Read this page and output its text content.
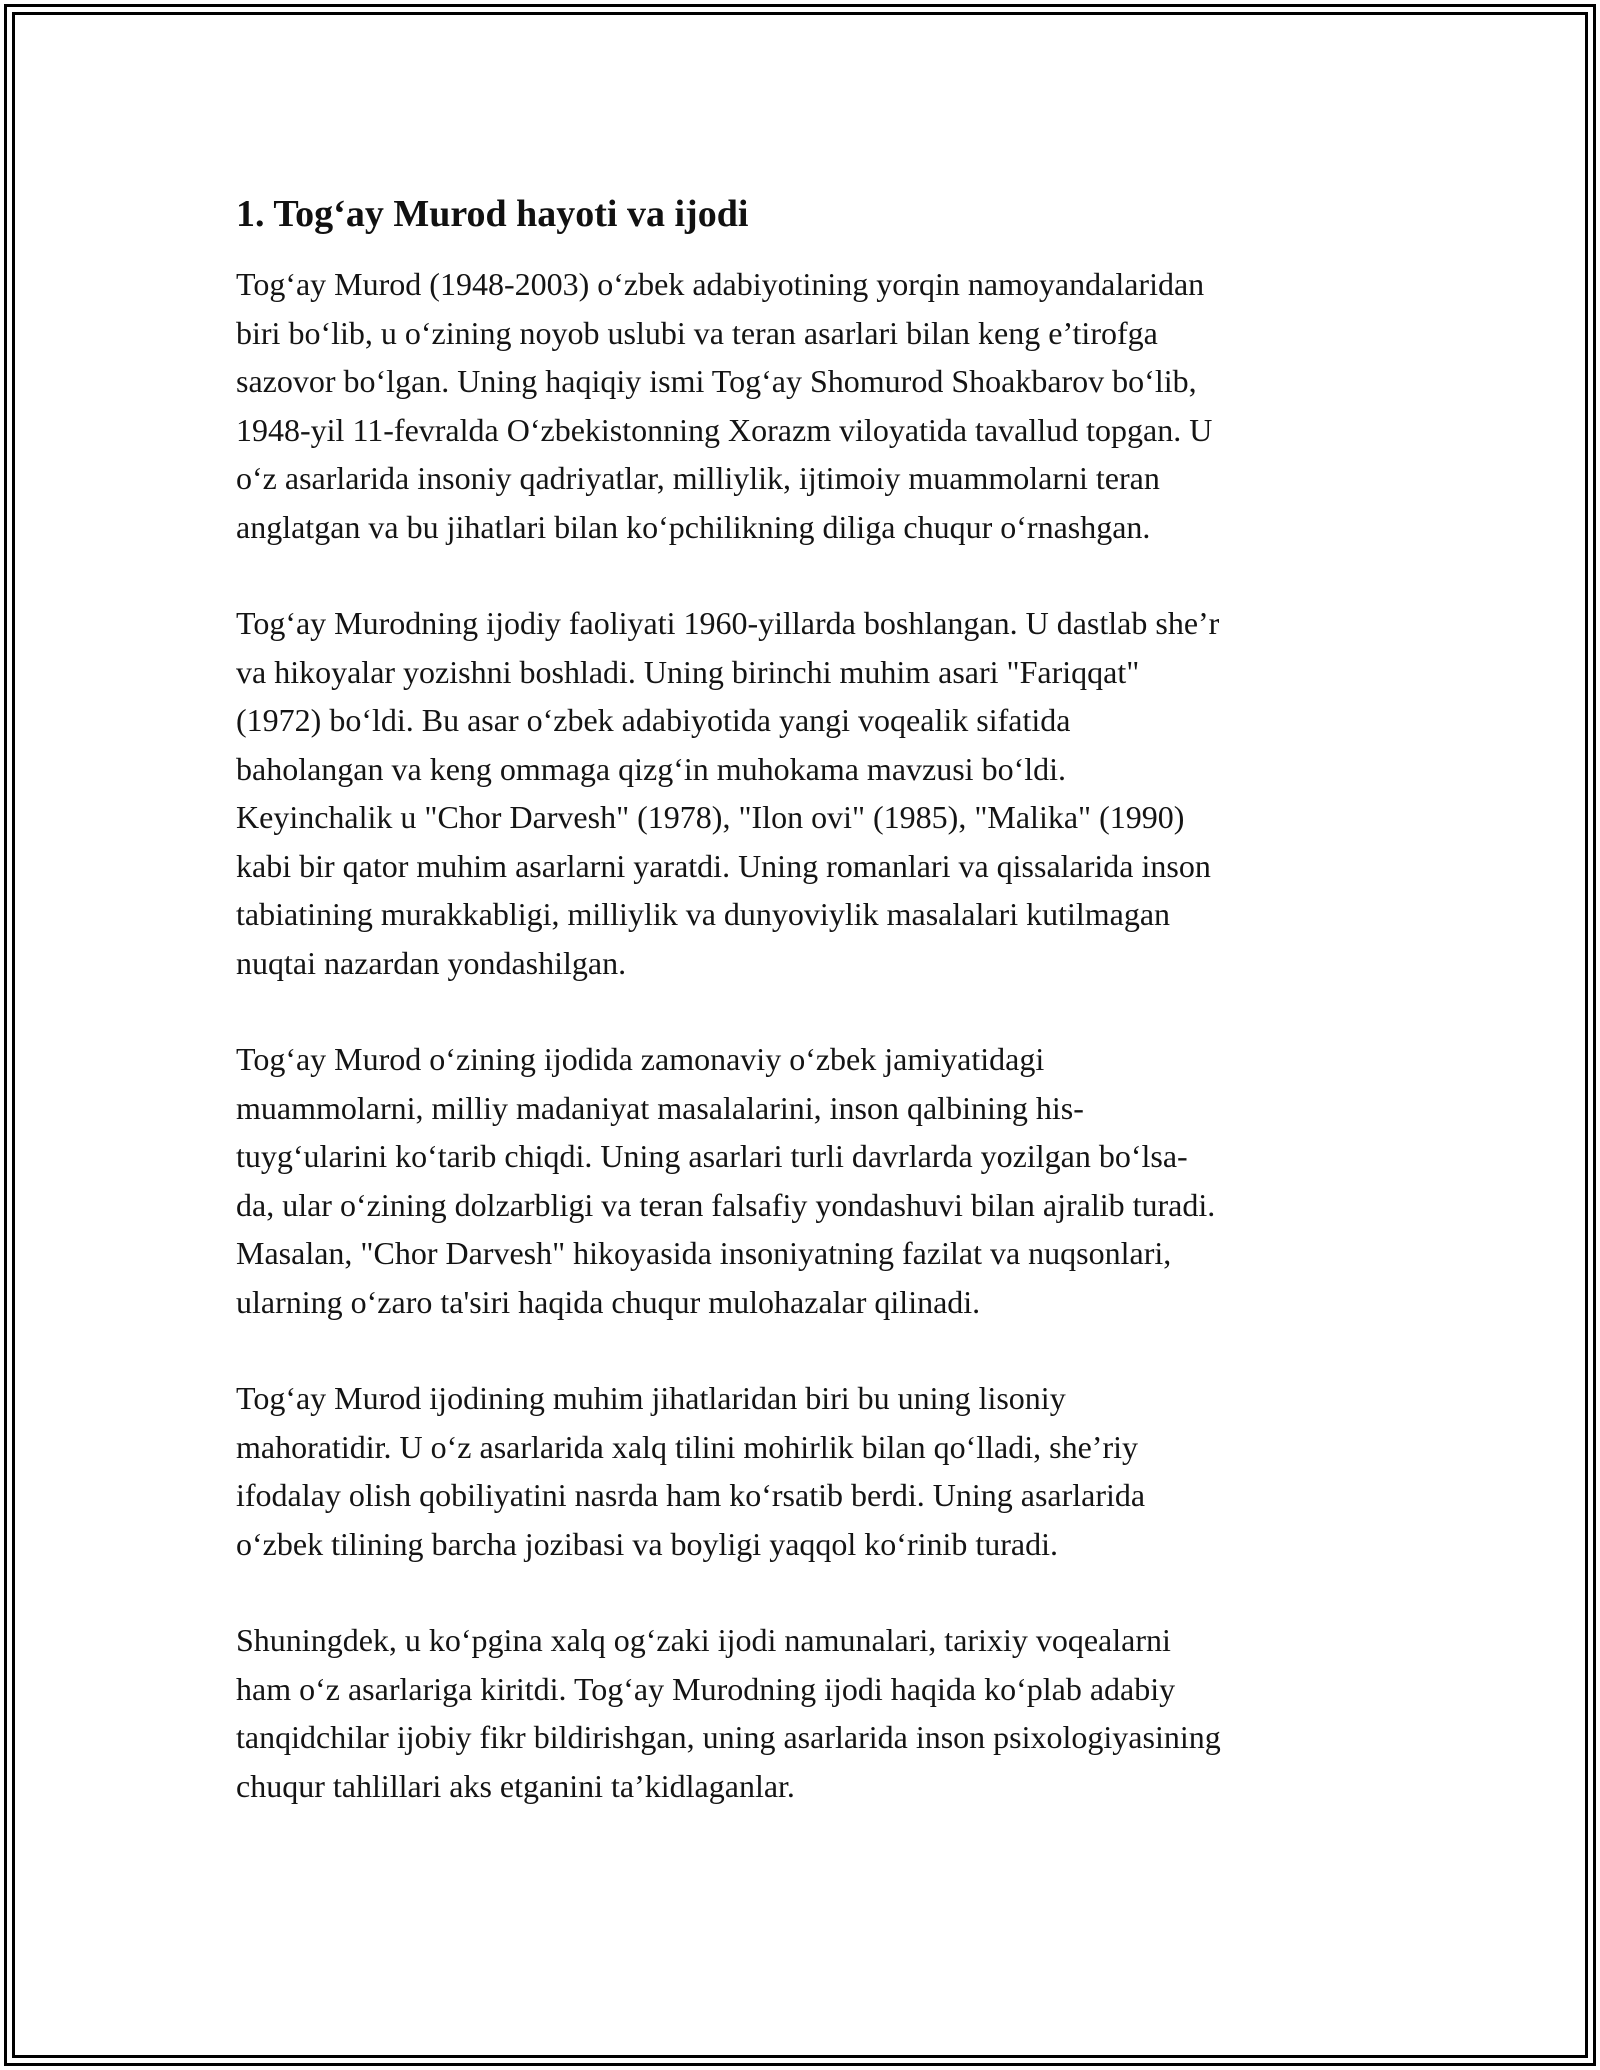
1. Tog‘ay Murod hayoti va ijodi

Tog‘ay Murod (1948-2003) o‘zbek adabiyotining yorqin namoyandalaridan
biri bo‘lib, u o‘zining noyob uslubi va teran asarlari bilan keng e’tirofga
sazovor bo‘lgan. Uning haqiqiy ismi Tog‘ay Shomurod Shoakbarov bo‘lib,
1948-yil 11-fevralda O‘zbekistonning Xorazm viloyatida tavallud topgan. U
o‘z asarlarida insoniy qadriyatlar, milliylik, ijtimoiy muammolarni teran
anglatgan va bu jihatlari bilan ko‘pchilikning diliga chuqur o‘rnashgan.

Tog‘ay Murodning ijodiy faoliyati 1960-yillarda boshlangan. U dastlab she’r
va hikoyalar yozishni boshladi. Uning birinchi muhim asari "Fariqqat"
(1972) bo‘ldi. Bu asar o‘zbek adabiyotida yangi voqealik sifatida
baholangan va keng ommaga qizg‘in muhokama mavzusi bo‘ldi.
Keyinchalik u "Chor Darvesh" (1978), "Ilon ovi" (1985), "Malika" (1990)
kabi bir qator muhim asarlarni yaratdi. Uning romanlari va qissalarida inson
tabiatining murakkabligi, milliylik va dunyoviylik masalalari kutilmagan
nuqtai nazardan yondashilgan.

Tog‘ay Murod o‘zining ijodida zamonaviy o‘zbek jamiyatidagi
muammolarni, milliy madaniyat masalalarini, inson qalbining his-
tuyg‘ularini ko‘tarib chiqdi. Uning asarlari turli davrlarda yozilgan bo‘lsa-
da, ular o‘zining dolzarbligi va teran falsafiy yondashuvi bilan ajralib turadi.
Masalan, "Chor Darvesh" hikoyasida insoniyatning fazilat va nuqsonlari,
ularning o‘zaro ta'siri haqida chuqur mulohazalar qilinadi.

Tog‘ay Murod ijodining muhim jihatlaridan biri bu uning lisoniy
mahoratidir. U o‘z asarlarida xalq tilini mohirlik bilan qo‘lladi, she’riy
ifodalay olish qobiliyatini nasrda ham ko‘rsatib berdi. Uning asarlarida
o‘zbek tilining barcha jozibasi va boyligi yaqqol ko‘rinib turadi.

Shuningdek, u ko‘pgina xalq og‘zaki ijodi namunalari, tarixiy voqealarni
ham o‘z asarlariga kiritdi. Tog‘ay Murodning ijodi haqida ko‘plab adabiy
tanqidchilar ijobiy fikr bildirishgan, uning asarlarida inson psixologiyasining
chuqur tahlillari aks etganini ta’kidlaganlar.
